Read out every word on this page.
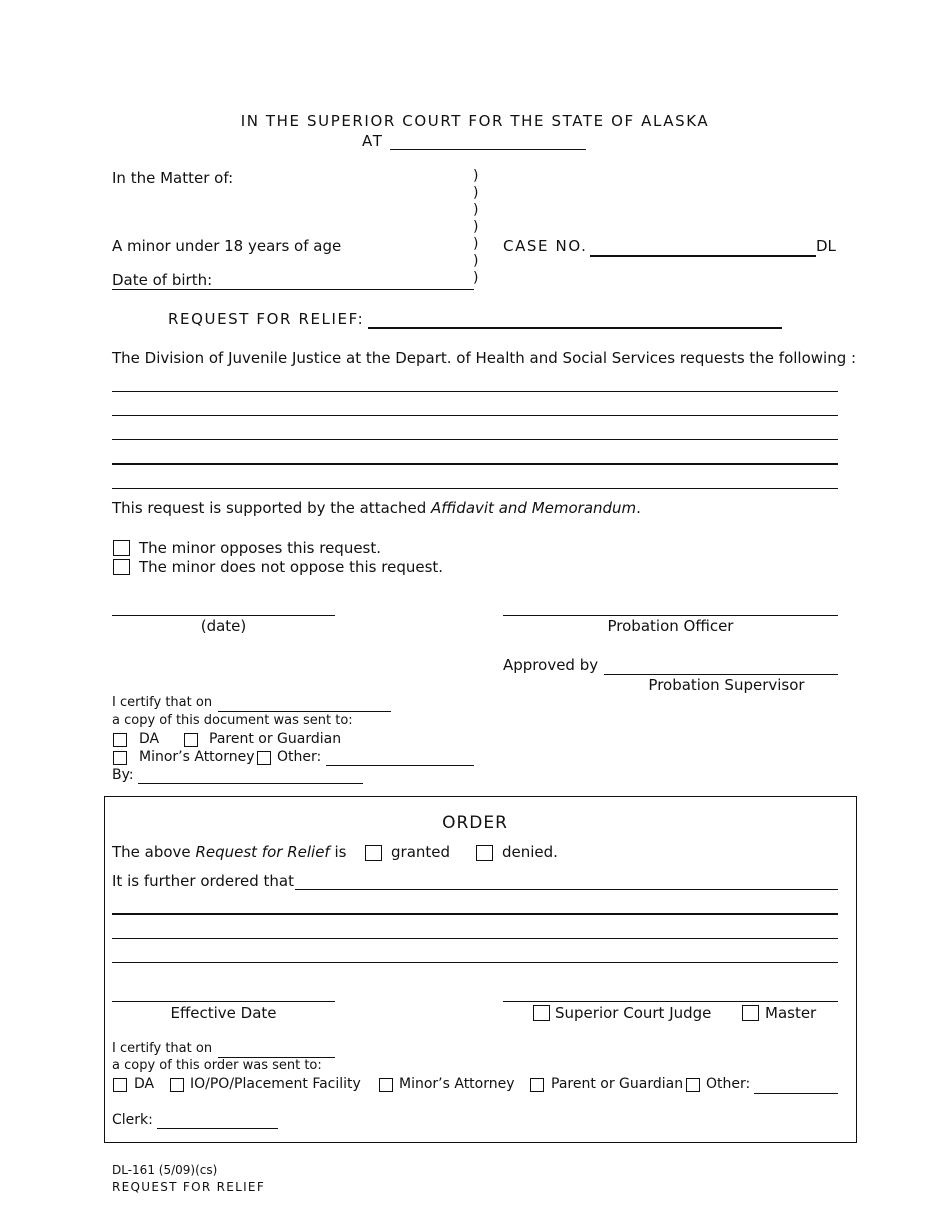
IN THE SUPERIOR COURT FOR THE STATE OF ALASKA
AT
In the Matter of:	)
)
)
)
)
)
)
A minor under 18 years of age
Date of birth:
CASE NO.	DL
REQUEST FOR RELIEF:
The Division of Juvenile Justice at the Depart. of Health and Social Services requests the following :
This request is supported by the attached Affidavit and Memorandum.
The minor opposes this request.
The minor does not oppose this request.
(date)	Probation Officer
Approved by
Probation Supervisor
I certify that on
a copy of this document was sent to:
DA	Parent or Guardian
Minor’s Attorney Other:
By:
ORDER
The above Request for Relief is	granted	denied.
It is further ordered that
Effective Date	Superior Court Judge	Master
I certify that on
a copy of this order was sent to:
DA	IO/PO/Placement Facility	Minor’s Attorney	Parent or Guardian Other:
Clerk:
DL-161 (5/09)(cs)
REQUEST FOR RELIEF
